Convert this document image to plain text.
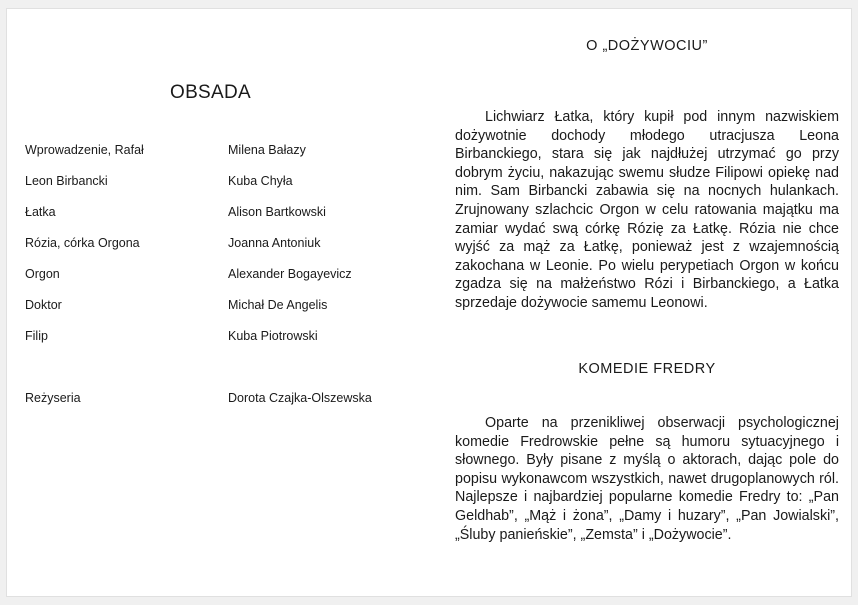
OBSADA
Wprowadzenie, Rafał	Milena Bałazy
Leon Birbancki	Kuba Chyła
Łatka	Alison Bartkowski
Rózia, córka Orgona	Joanna Antoniuk
Orgon	Alexander Bogayevicz
Doktor	Michał De Angelis
Filip	Kuba Piotrowski
Reżyseria	Dorota Czajka-Olszewska
O „DOŻYWOCIU”
Lichwiarz Łatka, który kupił pod innym nazwiskiem dożywotnie dochody młodego utracjusza Leona Birbanckiego, stara się jak najdłużej utrzymać go przy dobrym życiu, nakazując swemu słudze Filipowi opiekę nad nim. Sam Birbancki zabawia się na nocnych hulankach. Zrujnowany szlachcic Orgon w celu ratowania majątku ma zamiar wydać swą córkę Rózię za Łatkę. Rózia nie chce wyjść za mąż za Łatkę, ponieważ jest z wzajemnością zakochana w Leonie. Po wielu perypetiach Orgon w końcu zgadza się na małżeństwo Rózi i Birbanckiego, a Łatka sprzedaje dożywocie samemu Leonowi.
KOMEDIE FREDRY
Oparte na przenikliwej obserwacji psychologicznej komedie Fredrowskie pełne są humoru sytuacyjnego i słownego. Były pisane z myślą o aktorach, dając pole do popisu wykonawcom wszystkich, nawet drugoplanowych ról. Najlepsze i najbardziej popularne komedie Fredry to: „Pan Geldhab”, „Mąż i żona”, „Damy i huzary”, „Pan Jowialski”, „Śluby panieńskie”, „Zemsta” i „Dożywocie”.
